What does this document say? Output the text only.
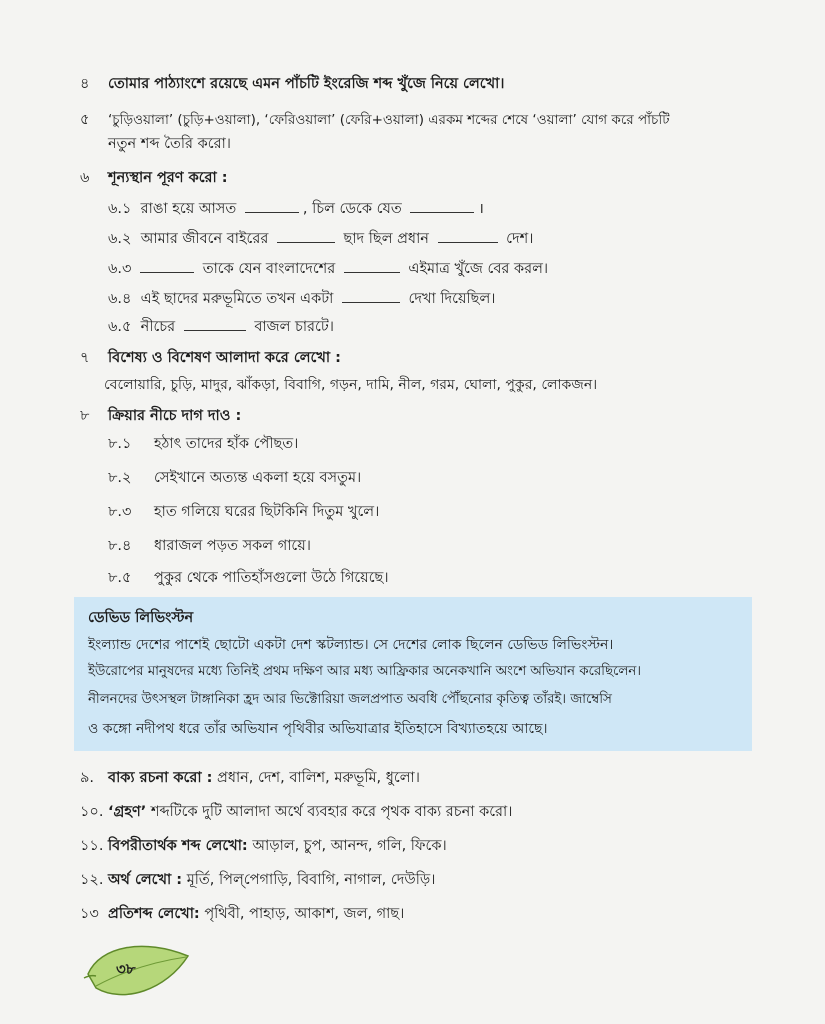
৪	তোমার পাঠ্যাংশে রয়েছে এমন পাঁচটি ইংরেজি শব্দ খুঁজে নিয়ে লেখো।
৫	‘চুড়িওয়ালা’ (চুড়ি+ওয়ালা), ‘ফেরিওয়ালা’ (ফেরি+ওয়ালা) এরকম শব্দের শেষে ‘ওয়ালা’ যোগ করে পাঁচটি
নতুন শব্দ তৈরি করো।
৬	শূন্যস্থান পূরণ করো :
৬.১ রাঙা হয়ে আসত	, চিল ডেকে যেত	।
৬.২ আমার জীবনে বাইরের	ছাদ ছিল প্রধান	দেশ।
৬.৩	তাকে যেন বাংলাদেশের	এইমাত্র খুঁজে বের করল।
৬.৪ এই ছাদের মরুভূমিতে তখন একটা	দেখা দিয়েছিল।
৬.৫ নীচের	বাজল চারটে।
৭	বিশেষ্য ও বিশেষণ আলাদা করে লেখো :
বেলোয়ারি, চুড়ি, মাদুর, ঝাঁকড়া, বিবাগি, গড়ন, দামি, নীল, গরম, ঘোলা, পুকুর, লোকজন।
৮	ক্রিয়ার নীচে দাগ দাও :
৮.১ হঠাৎ তাদের হাঁক পৌছত।
৮.২ সেইখানে অত্যন্ত একলা হয়ে বসতুম।
৮.৩ হাত গলিয়ে ঘরের ছিটকিনি দিতুম খুলে।
৮.৪ ধারাজল পড়ত সকল গায়ে।
৮.৫ পুকুর থেকে পাতিহাঁসগুলো উঠে গিয়েছে।
ডেভিড লিভিংস্টন
ইংল্যান্ড দেশের পাশেই ছোটো একটা দেশ স্কটল্যান্ড। সে দেশের লোক ছিলেন ডেভিড লিভিংস্টন।
ইউরোপের মানুষদের মধ্যে তিনিই প্রথম দক্ষিণ আর মধ্য আফ্রিকার অনেকখানি অংশে অভিযান করেছিলেন।
নীলনদের উৎসস্থল টাঙ্গানিকা হ্রদ আর ভিক্টোরিয়া জলপ্রপাত অবধি পৌঁছনোর কৃতিত্ব তাঁরই। জাম্বেসি
ও কঙ্গো নদীপথ ধরে তাঁর অভিযান পৃথিবীর অভিযাত্রার ইতিহাসে বিখ্যাতহয়ে আছে।
৯. বাক্য রচনা করো : প্রধান, দেশ, বালিশ, মরুভূমি, ধুলো।
১০. ‘গ্রহণ’ শব্দটিকে দুটি আলাদা অর্থে ব্যবহার করে পৃথক বাক্য রচনা করো।
১১. বিপরীতার্থক শব্দ লেখো: আড়াল, চুপ, আনন্দ, গলি, ফিকে।
১২. অর্থ লেখো : মূর্তি, পিল্‌পেগাড়ি, বিবাগি, নাগাল, দেউড়ি।
১৩ প্রতিশব্দ লেখো: পৃথিবী, পাহাড়, আকাশ, জল, গাছ।
৩৮
